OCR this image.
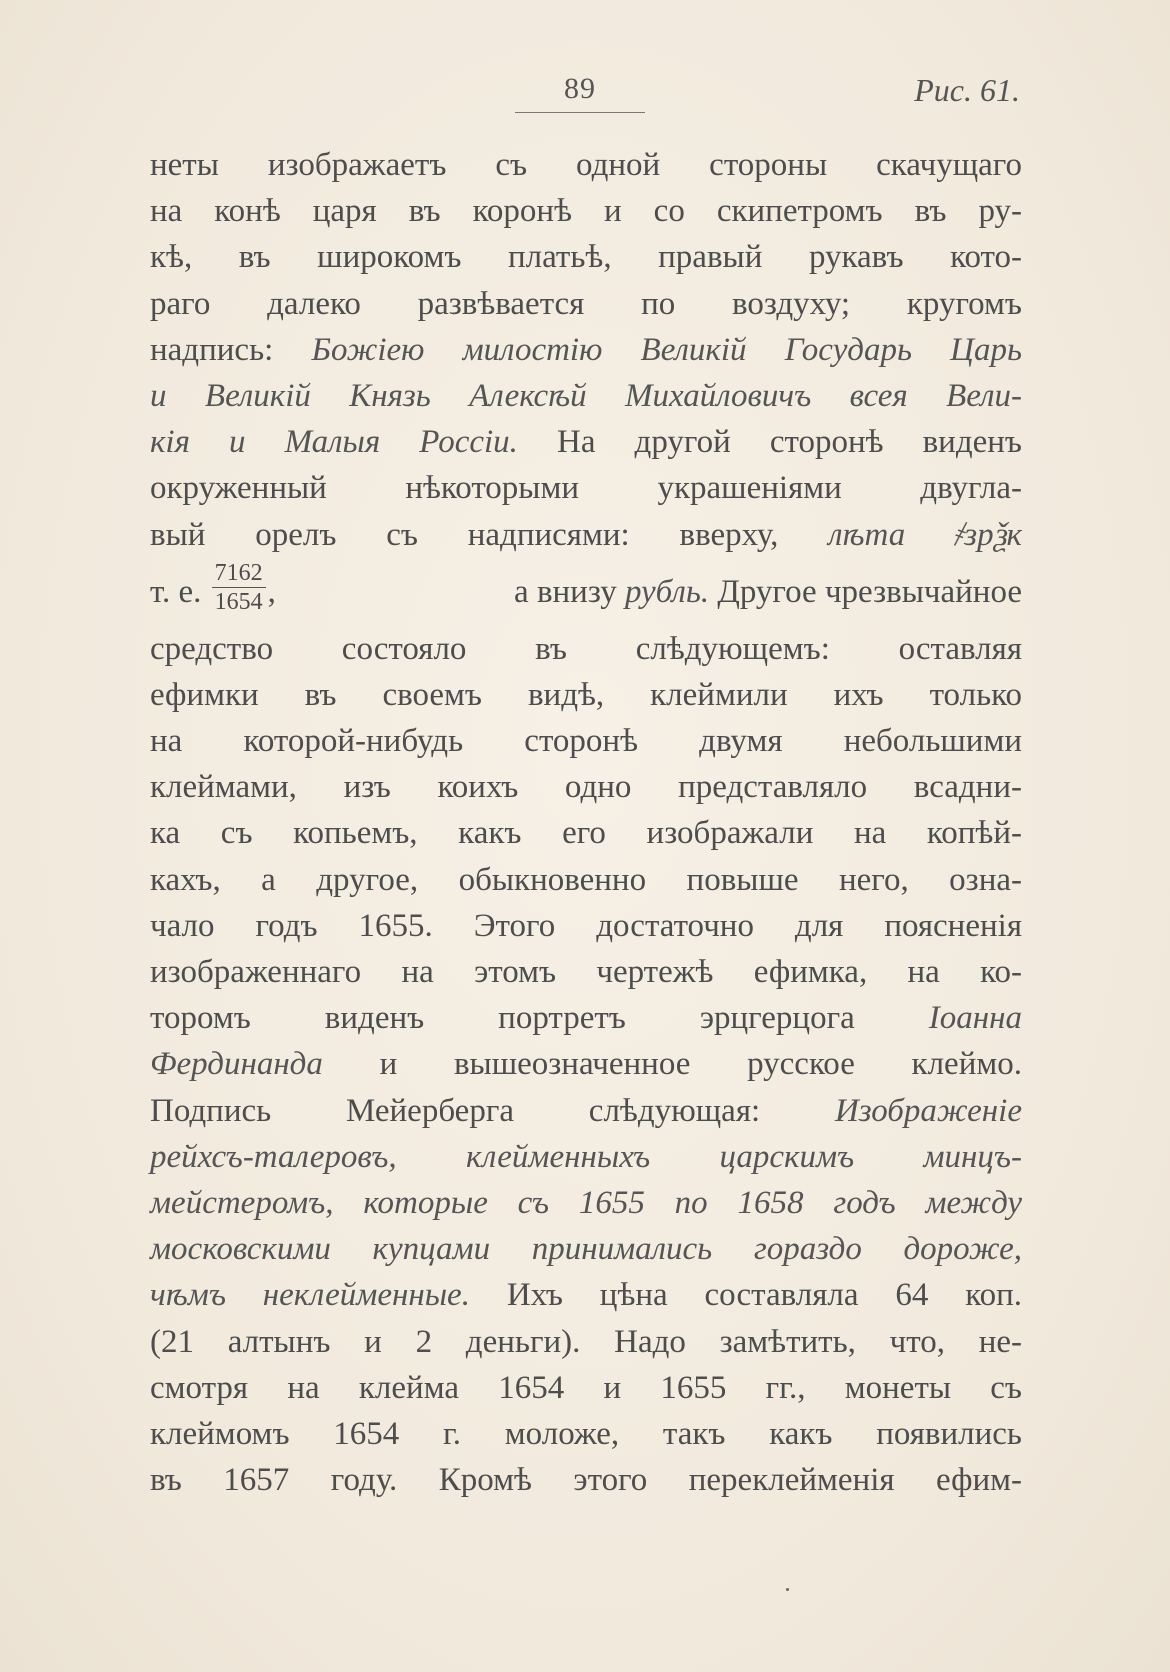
89	Рис. 61.
неты изображаетъ съ одной стороны скачущаго
на конѣ царя въ коронѣ и со скипетромъ въ ру-
кѣ, въ широкомъ платьѣ, правый рукавъ кото-
раго далеко развѣвается по воздуху; кругомъ
надпись: Божіею милостію Великій Государь Царь
и Великій Князь Алексѣй Михайловичъ всея Вели-
кія и Малыя Россіи. На другой сторонѣ виденъ
окруженный нѣкоторыми украшеніями двугла-
вый орелъ съ надписями: вверху, лѣта ҂зрѯк
т. е. $\frac{7162}{1654}$ ,	а внизу рубль. Другое чрезвычайное
средство состояло въ слѣдующемъ: оставляя
ефимки въ своемъ видѣ, клеймили ихъ только
на которой-нибудь сторонѣ двумя небольшими
клеймами, изъ коихъ одно представляло всадни-
ка съ копьемъ, какъ его изображали на копѣй-
кахъ, а другое, обыкновенно повыше него, озна-
чало годъ 1655. Этого достаточно для поясненія
изображеннаго на этомъ чертежѣ ефимка, на ко-
торомъ виденъ портретъ эрцгерцога Іоанна
Фердинанда и вышеозначенное русское клеймо.
Подпись Мейерберга слѣдующая: Изображеніе
рейхсъ-талеровъ, клейменныхъ царскимъ минцъ-
мейстеромъ, которые съ 1655 по 1658 годъ между
московскими купцами принимались гораздо дороже,
чѣмъ неклейменные. Ихъ цѣна составляла 64 коп.
(21 алтынъ и 2 деньги). Надо замѣтить, что, не-
смотря на клейма 1654 и 1655 гг., монеты съ
клеймомъ 1654 г. моложе, такъ какъ появились
въ 1657 году. Кромѣ этого переклейменія ефим-
